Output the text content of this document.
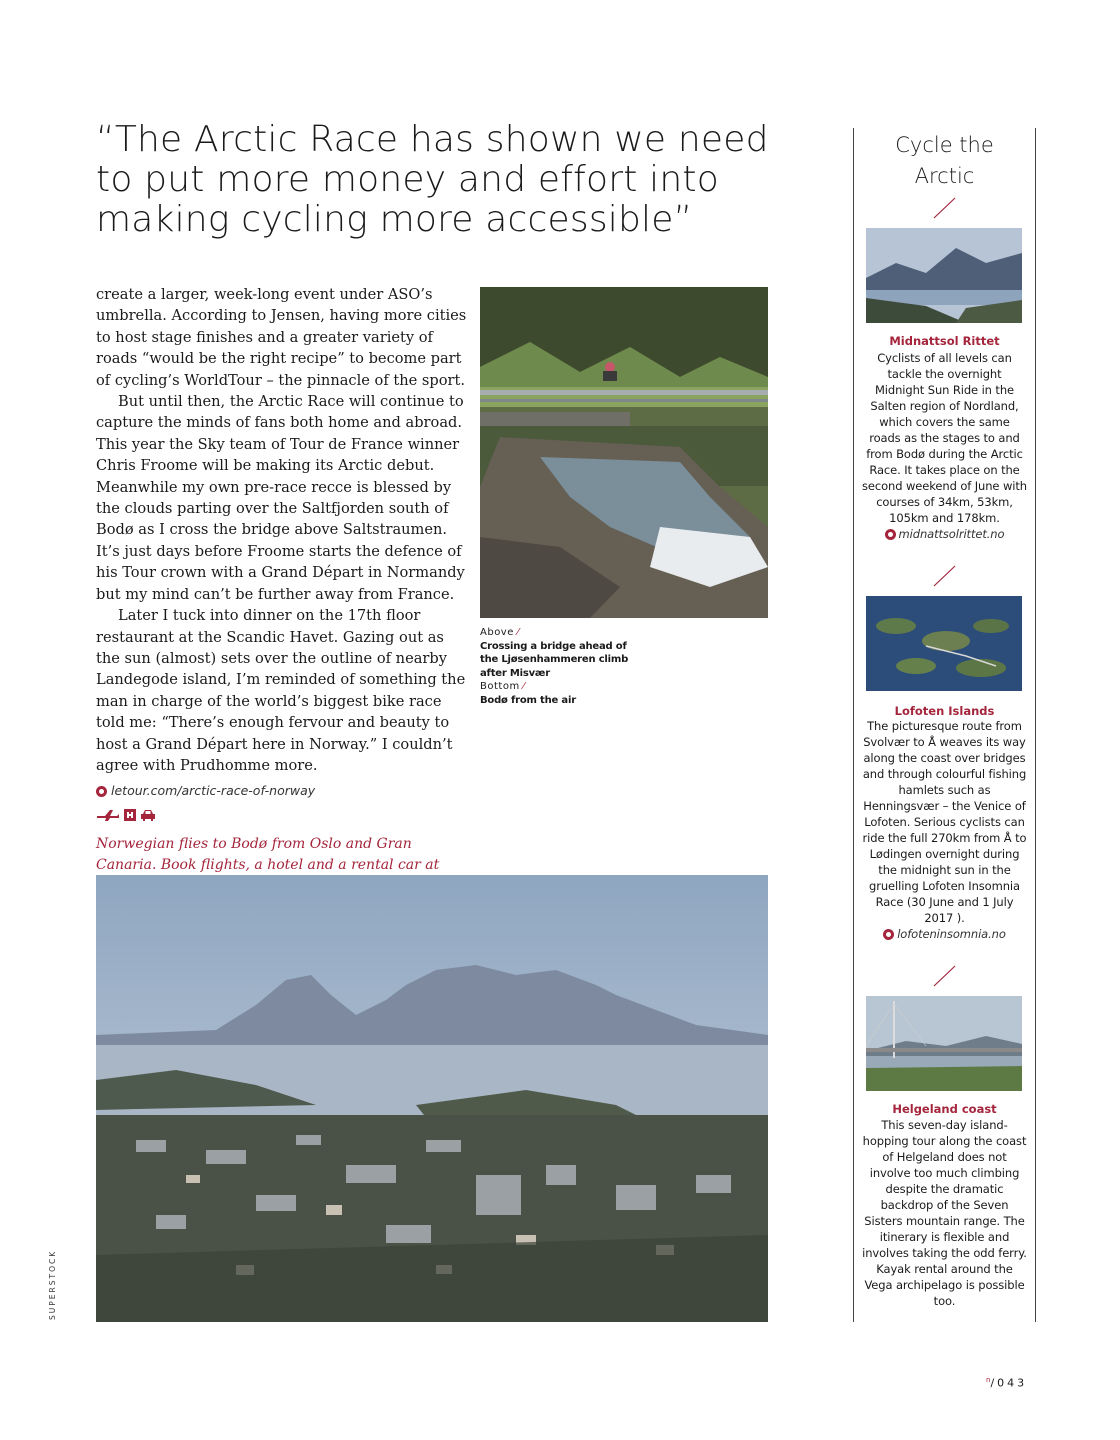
“The Arctic Race has shown we need to put more money and effort into making cycling more accessible”

create a larger, week-long event under ASO’s umbrella. According to Jensen, having more cities to host stage finishes and a greater variety of roads “would be the right recipe” to become part of cycling’s WorldTour – the pinnacle of the sport.

But until then, the Arctic Race will continue to capture the minds of fans both home and abroad. This year the Sky team of Tour de France winner Chris Froome will be making its Arctic debut. Meanwhile my own pre-race recce is blessed by the clouds parting over the Saltfjorden south of Bodø as I cross the bridge above Saltstraumen. It’s just days before Froome starts the defence of his Tour crown with a Grand Départ in Normandy but my mind can’t be further away from France.

Later I tuck into dinner on the 17th floor restaurant at the Scandic Havet. Gazing out as the sun (almost) sets over the outline of nearby Landegode island, I’m reminded of something the man in charge of the world’s biggest bike race told me: “There’s enough fervour and beauty to host a Grand Départ here in Norway.” I couldn’t agree with Prudhomme more.

letour.com/arctic-race-of-norway
Norwegian flies to Bodø from Oslo and Gran Canaria. Book flights, a hotel and a rental car at
Above ⁄
Crossing a bridge ahead of the Ljøsenhammeren climb after Misvær
Bottom ⁄
Bodø from the air
SUPERSTOCK
Cycle the
Arctic
Midnattsol Rittet
Cyclists of all levels can tackle the overnight Midnight Sun Ride in the Salten region of Nordland, which covers the same roads as the stages to and from Bodø during the Arctic Race. It takes place on the second weekend of June with courses of 34km, 53km, 105km and 178km.
midnattsolrittet.no
Lofoten Islands
The picturesque route from Svolvær to Å weaves its way along the coast over bridges and through colourful fishing hamlets such as Henningsvær – the Venice of Lofoten. Serious cyclists can ride the full 270km from Å to Lødingen overnight during the midnight sun in the gruelling Lofoten Insomnia Race (30 June and 1 July 2017 ).
lofoteninsomnia.no
Helgeland coast
This seven-day island-hopping tour along the coast of Helgeland does not involve too much climbing despite the dramatic backdrop of the Seven Sisters mountain range. The itinerary is flexible and involves taking the odd ferry. Kayak rental around the Vega archipelago is possible too.
$^n$/043
